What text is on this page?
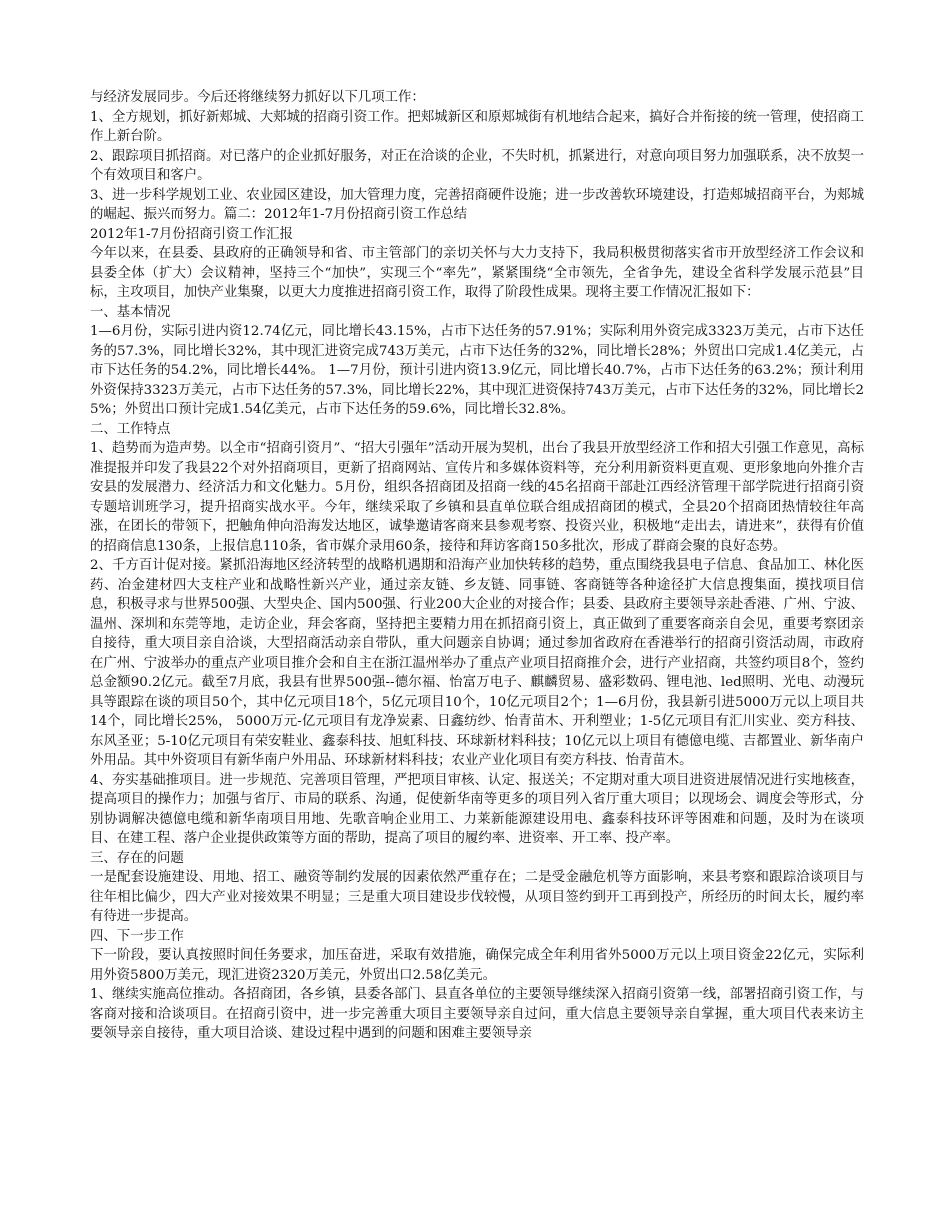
与经济发展同步。今后还将继续努力抓好以下几项工作：

1、全方规划，抓好新郏城、大郏城的招商引资工作。把郏城新区和原郏城街有机地结合起来，搞好合并衔接的统一管理，使招商工作上新台阶。

2、跟踪项目抓招商。对已落户的企业抓好服务，对正在洽谈的企业，不失时机，抓紧进行，对意向项目努力加强联系，决不放契一个有效项目和客户。

3、进一步科学规划工业、农业园区建设，加大管理力度，完善招商硬件设施；进一步改善软环境建设，打造郏城招商平台，为郏城的崛起、振兴而努力。篇二：2012年1-7月份招商引资工作总结

2012年1-7月份招商引资工作汇报

今年以来，在县委、县政府的正确领导和省、市主管部门的亲切关怀与大力支持下，我局积极贯彻落实省市开放型经济工作会议和县委全体（扩大）会议精神，坚持三个“加快”，实现三个“率先”，紧紧围绕“全市领先，全省争先，建设全省科学发展示范县”目标，主攻项目，加快产业集聚，以更大力度推进招商引资工作，取得了阶段性成果。现将主要工作情况汇报如下：

一、基本情况

1—6月份，实际引进内资12.74亿元，同比增长43.15%，占市下达任务的57.91%；实际利用外资完成3323万美元，占市下达任务的57.3%，同比增长32%，其中现汇进资完成743万美元，占市下达任务的32%，同比增长28%；外贸出口完成1.4亿美元，占市下达任务的54.2%，同比增长44%。 1—7月份，预计引进内资13.9亿元，同比增长40.7%，占市下达任务的63.2%；预计利用外资保持3323万美元，占市下达任务的57.3%，同比增长22%，其中现汇进资保持743万美元，占市下达任务的32%，同比增长25%；外贸出口预计完成1.54亿美元，占市下达任务的59.6%，同比增长32.8%。

二、工作特点

1、趋势而为造声势。以全市“招商引资月”、“招大引强年”活动开展为契机，出台了我县开放型经济工作和招大引强工作意见，高标准提报并印发了我县22个对外招商项目，更新了招商网站、宣传片和多媒体资料等，充分利用新资料更直观、更形象地向外推介吉安县的发展潜力、经济活力和文化魅力。5月份，组织各招商团及招商一线的45名招商干部赴江西经济管理干部学院进行招商引资专题培训班学习，提升招商实战水平。今年，继续采取了乡镇和县直单位联合组成招商团的模式，全县20个招商团热情较往年高涨，在团长的带领下，把触角伸向沿海发达地区，诚挚邀请客商来县参观考察、投资兴业，积极地“走出去，请进来”，获得有价值的招商信息130条，上报信息110条，省市媒介录用60条，接待和拜访客商150多批次，形成了群商会聚的良好态势。

2、千方百计促对接。紧抓沿海地区经济转型的战略机遇期和沿海产业加快转移的趋势，重点围绕我县电子信息、食品加工、林化医药、冶金建材四大支柱产业和战略性新兴产业，通过亲友链、乡友链、同事链、客商链等各种途径扩大信息搜集面，摸找项目信息，积极寻求与世界500强、大型央企、国内500强、行业200大企业的对接合作；县委、县政府主要领导亲赴香港、广州、宁波、温州、深圳和东莞等地，走访企业，拜会客商，坚持把主要精力用在抓招商引资上，真正做到了重要客商亲自会见，重要考察团亲自接待，重大项目亲自洽谈，大型招商活动亲自带队，重大问题亲自协调；通过参加省政府在香港举行的招商引资活动周，市政府在广州、宁波举办的重点产业项目推介会和自主在浙江温州举办了重点产业项目招商推介会，进行产业招商，共签约项目8个，签约总金额90.2亿元。截至7月底，我县有世界500强--德尔福、怡富万电子、麒麟贸易、盛彩数码、锂电池、led照明、光电、动漫玩具等跟踪在谈的项目50个，其中亿元项目18个，5亿元项目10个，10亿元项目2个；1—6月份，我县新引进5000万元以上项目共14个，同比增长25%， 5000万元-亿元项目有龙净炭素、日鑫纺纱、怡青苗木、开利塑业；1-5亿元项目有汇川实业、奕方科技、东风圣亚；5-10亿元项目有荣安鞋业、鑫泰科技、旭虹科技、环球新材料科技；10亿元以上项目有德億电缆、吉都置业、新华南户外用品。其中外资项目有新华南户外用品、环球新材料科技；农业产业化项目有奕方科技、怡青苗木。

4、夯实基础推项目。进一步规范、完善项目管理，严把项目审核、认定、报送关；不定期对重大项目进资进展情况进行实地核查，提高项目的操作力；加强与省厅、市局的联系、沟通，促使新华南等更多的项目列入省厅重大项目；以现场会、调度会等形式，分别协调解决德億电缆和新华南项目用地、先歌音响企业用工、力莱新能源建设用电、鑫泰科技环评等困难和问题，及时为在谈项目、在建工程、落户企业提供政策等方面的帮助，提高了项目的履约率、进资率、开工率、投产率。

三、存在的问题

一是配套设施建设、用地、招工、融资等制约发展的因素依然严重存在；二是受金融危机等方面影响，来县考察和跟踪洽谈项目与往年相比偏少，四大产业对接效果不明显；三是重大项目建设步伐较慢，从项目签约到开工再到投产，所经历的时间太长，履约率有待进一步提高。

四、下一步工作

下一阶段，要认真按照时间任务要求，加压奋进，采取有效措施，确保完成全年利用省外5000万元以上项目资金22亿元，实际利用外资5800万美元，现汇进资2320万美元，外贸出口2.58亿美元。

1、继续实施高位推动。各招商团，各乡镇，县委各部门、县直各单位的主要领导继续深入招商引资第一线，部署招商引资工作，与客商对接和洽谈项目。在招商引资中，进一步完善重大项目主要领导亲自过问，重大信息主要领导亲自掌握，重大项目代表来访主要领导亲自接待，重大项目洽谈、建设过程中遇到的问题和困难主要领导亲
